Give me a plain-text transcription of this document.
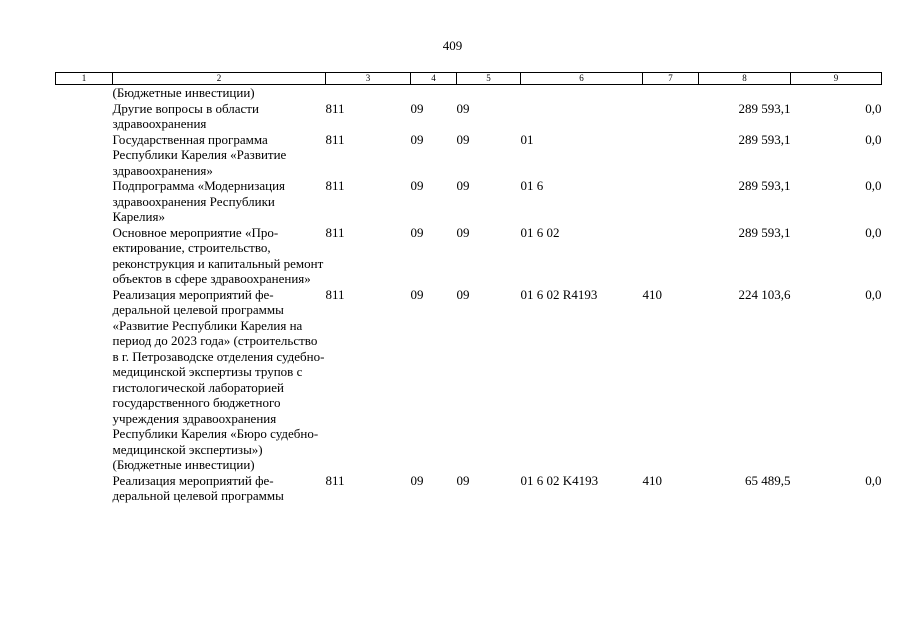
409
1	2	3	4	5	6	7	8	9
	(Бюджетные инвестиции)							
	Другие вопросы в области здравоохранения	811	09	09			289 593,1	0,0
	Государственная программа Республики Карелия «Развитие здравоохранения»	811	09	09	01		289 593,1	0,0
	Подпрограмма «Модернизация здравоохранения Республики Карелия»	811	09	09	01 6		289 593,1	0,0
	Основное мероприятие «Проектирование, строительство, реконструкция и капитальный ремонт объектов в сфере здравоохранения»	811	09	09	01 6 02		289 593,1	0,0
	Реализация мероприятий федеральной целевой программы «Развитие Республики Карелия на период до 2023 года» (строительство в г. Петрозаводске отделения судебно-медицинской экспертизы трупов с гистологической лабораторией государственного бюджетного учреждения здравоохранения Республики Карелия «Бюро судебно-медицинской экспертизы») (Бюджетные инвестиции)	811	09	09	01 6 02 R4193	410	224 103,6	0,0
	Реализация мероприятий федеральной целевой программы	811	09	09	01 6 02 K4193	410	65 489,5	0,0
